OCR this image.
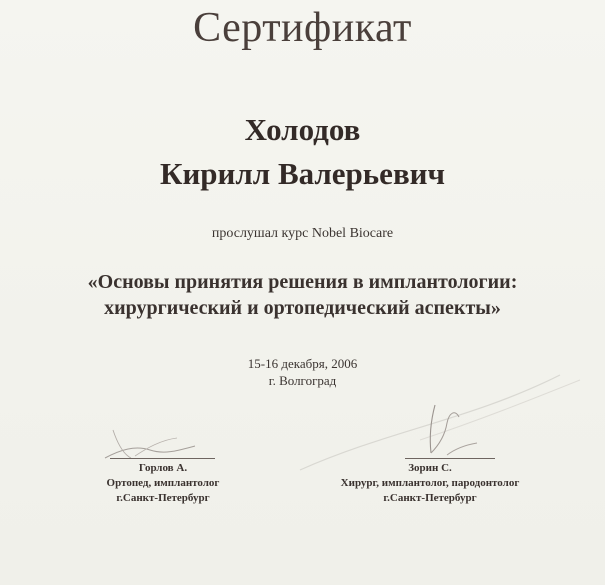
Сертификат
Холодов
Кирилл Валерьевич
прослушал курс Nobel Biocare
«Основы принятия решения в имплантологии:
хирургический и ортопедический аспекты»
15-16 декабря, 2006
г. Волгоград
Горлов А.
Ортопед, имплантолог
г.Санкт-Петербург
Зорин С.
Хирург, имплантолог, пародонтолог
г.Санкт-Петербург
